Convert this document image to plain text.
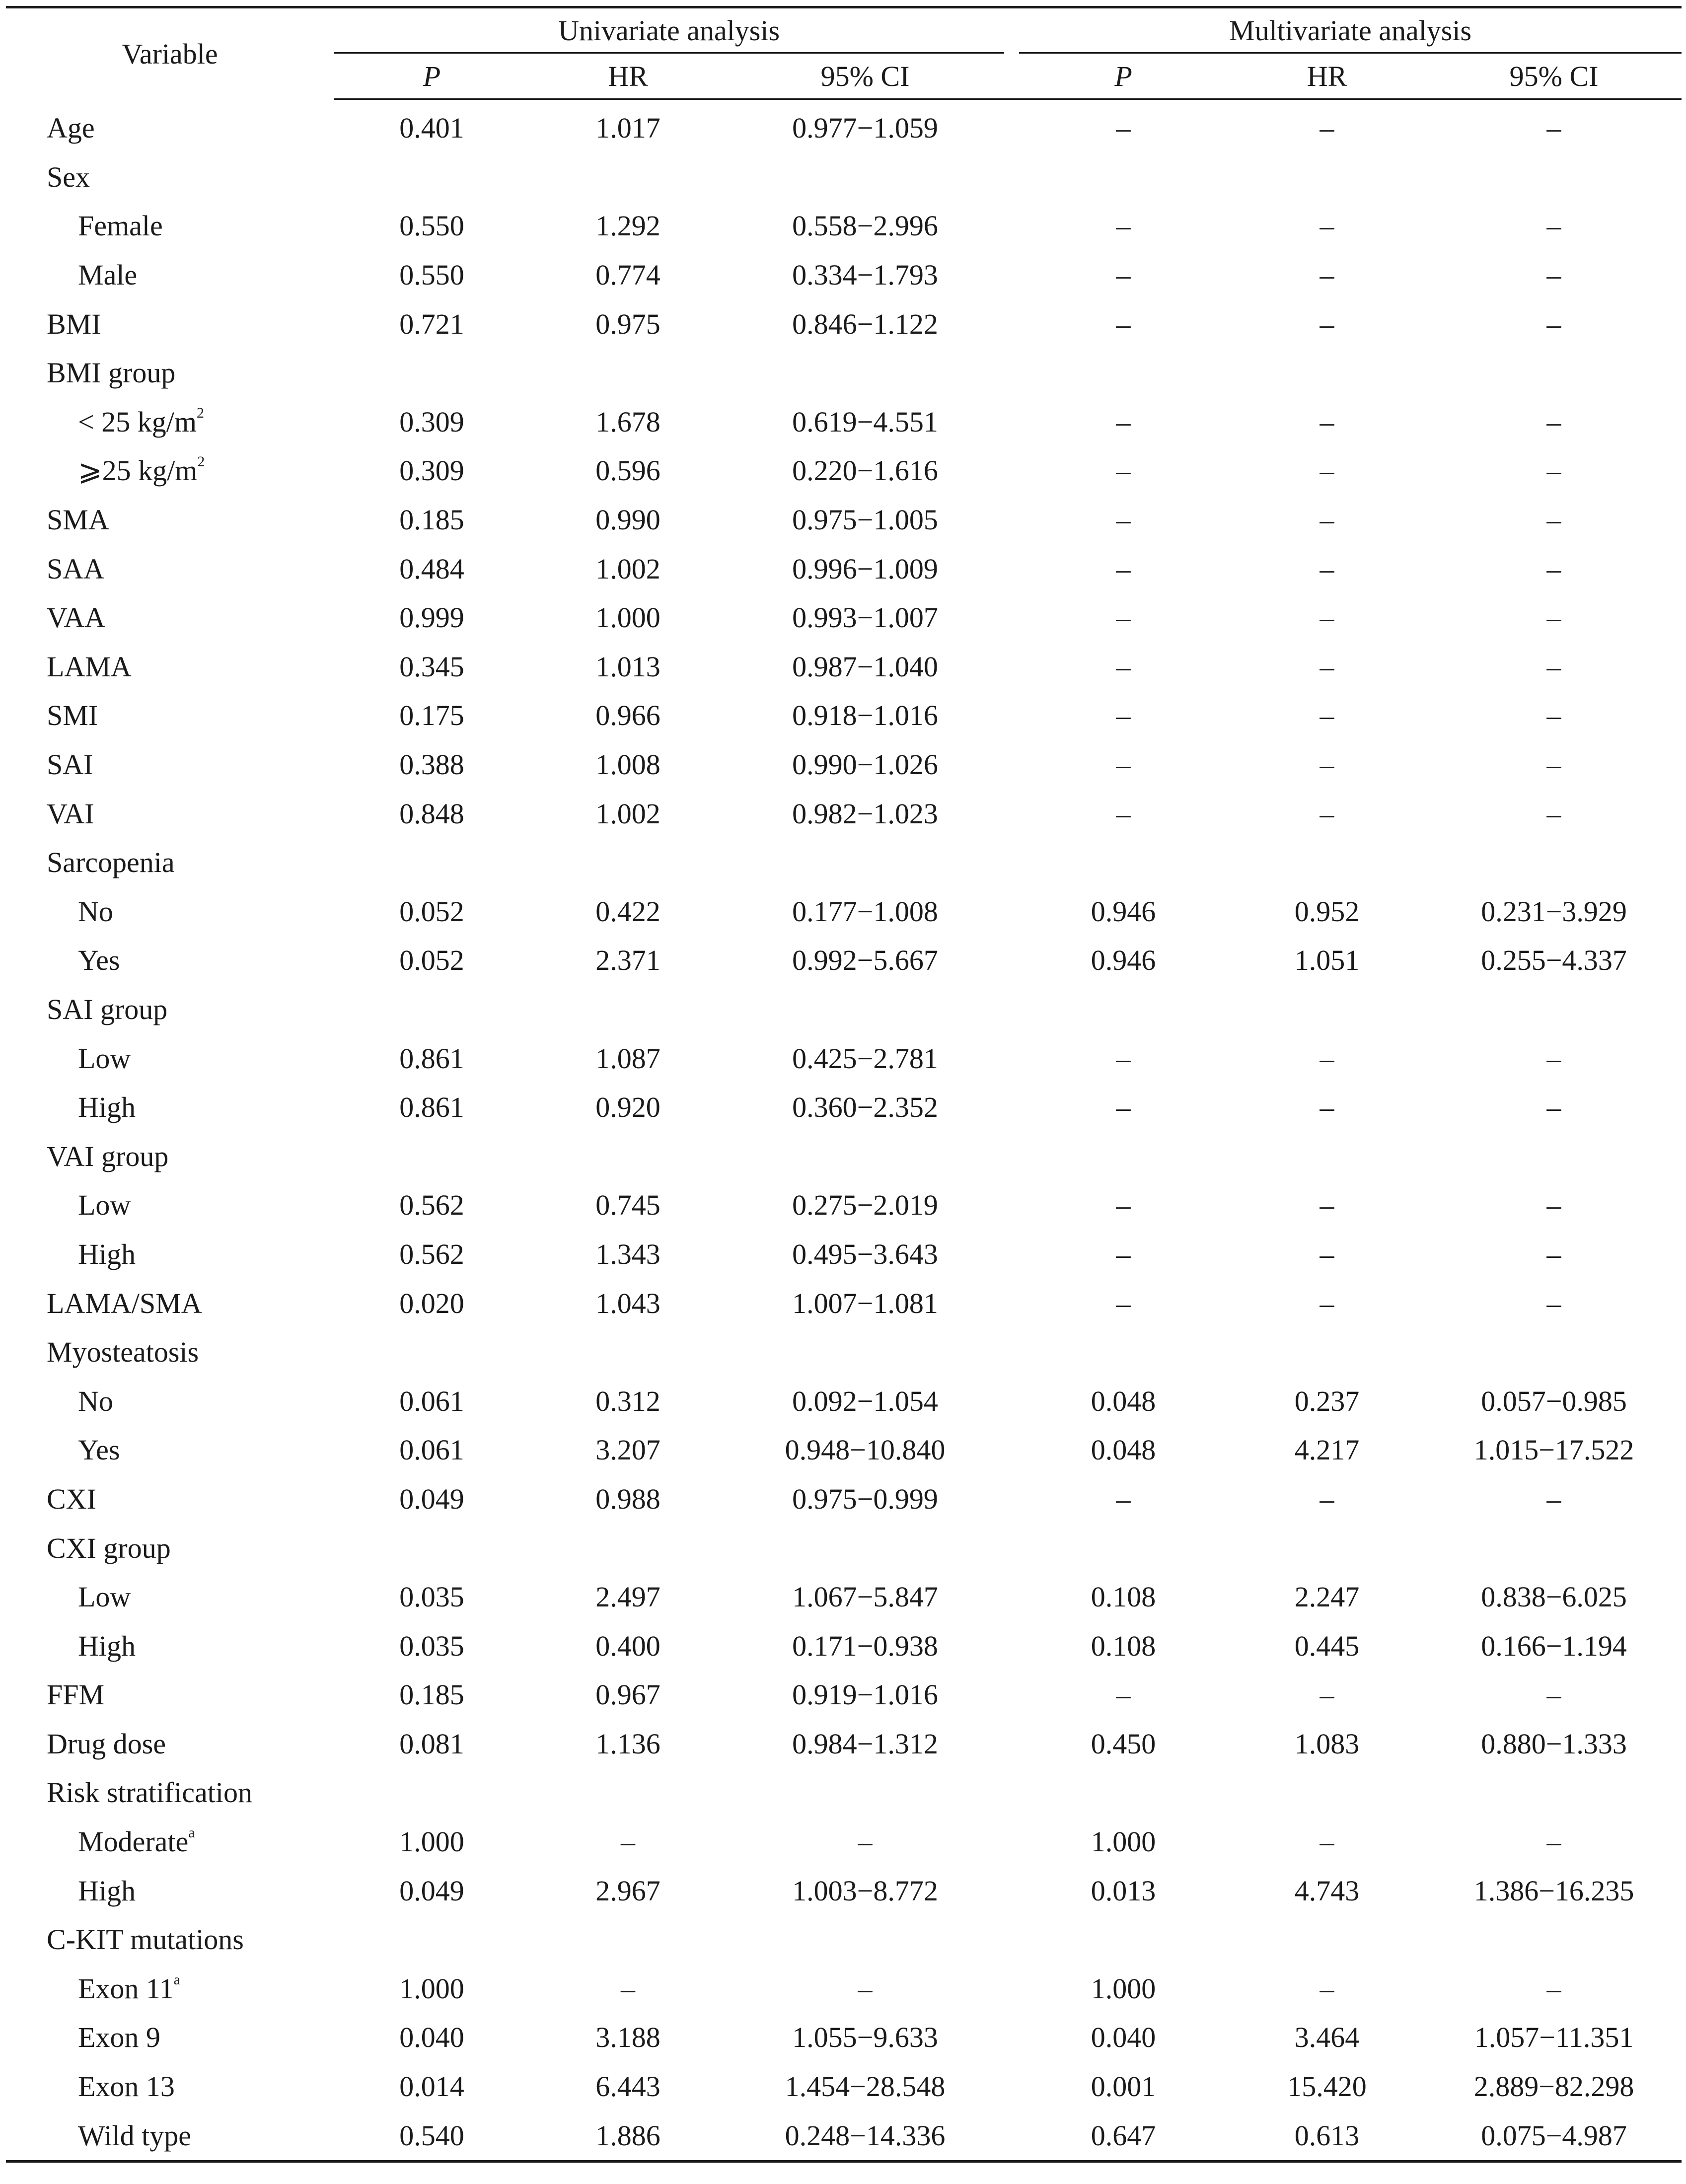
Variable	Univariate analysis				Multivariate analysis		
	P	HR	95% CI		P	HR	95% CI
Age	0.401	1.017	0.977−1.059		–	–	–
Sex							
Female	0.550	1.292	0.558−2.996		–	–	–
Male	0.550	0.774	0.334−1.793		–	–	–
BMI	0.721	0.975	0.846−1.122		–	–	–
BMI group							
< 25 $kg/m^2$	0.309	1.678	0.619−4.551		–	–	–
⩾25 $kg/m^2$	0.309	0.596	0.220−1.616		–	–	–
SMA	0.185	0.990	0.975−1.005		–	–	–
SAA	0.484	1.002	0.996−1.009		–	–	–
VAA	0.999	1.000	0.993−1.007		–	–	–
LAMA	0.345	1.013	0.987−1.040		–	–	–
SMI	0.175	0.966	0.918−1.016		–	–	–
SAI	0.388	1.008	0.990−1.026		–	–	–
VAI	0.848	1.002	0.982−1.023		–	–	–
Sarcopenia							
No	0.052	0.422	0.177−1.008		0.946	0.952	0.231−3.929
Yes	0.052	2.371	0.992−5.667		0.946	1.051	0.255−4.337
SAI group							
Low	0.861	1.087	0.425−2.781		–	–	–
High	0.861	0.920	0.360−2.352		–	–	–
VAI group							
Low	0.562	0.745	0.275−2.019		–	–	–
High	0.562	1.343	0.495−3.643		–	–	–
LAMA/SMA	0.020	1.043	1.007−1.081		–	–	–
Myosteatosis							
No	0.061	0.312	0.092−1.054		0.048	0.237	0.057−0.985
Yes	0.061	3.207	0.948−10.840		0.048	4.217	1.015−17.522
CXI	0.049	0.988	0.975−0.999		–	–	–
CXI group							
Low	0.035	2.497	1.067−5.847		0.108	2.247	0.838−6.025
High	0.035	0.400	0.171−0.938		0.108	0.445	0.166−1.194
FFM	0.185	0.967	0.919−1.016		–	–	–
Drug dose	0.081	1.136	0.984−1.312		0.450	1.083	0.880−1.333
Risk stratification							
Moderate$^a$	1.000	–	–		1.000	–	–
High	0.049	2.967	1.003−8.772		0.013	4.743	1.386−16.235
C-KIT mutations							
Exon 11$^a$	1.000	–	–		1.000	–	–
Exon 9	0.040	3.188	1.055−9.633		0.040	3.464	1.057−11.351
Exon 13	0.014	6.443	1.454−28.548		0.001	15.420	2.889−82.298
Wild type	0.540	1.886	0.248−14.336		0.647	0.613	0.075−4.987
